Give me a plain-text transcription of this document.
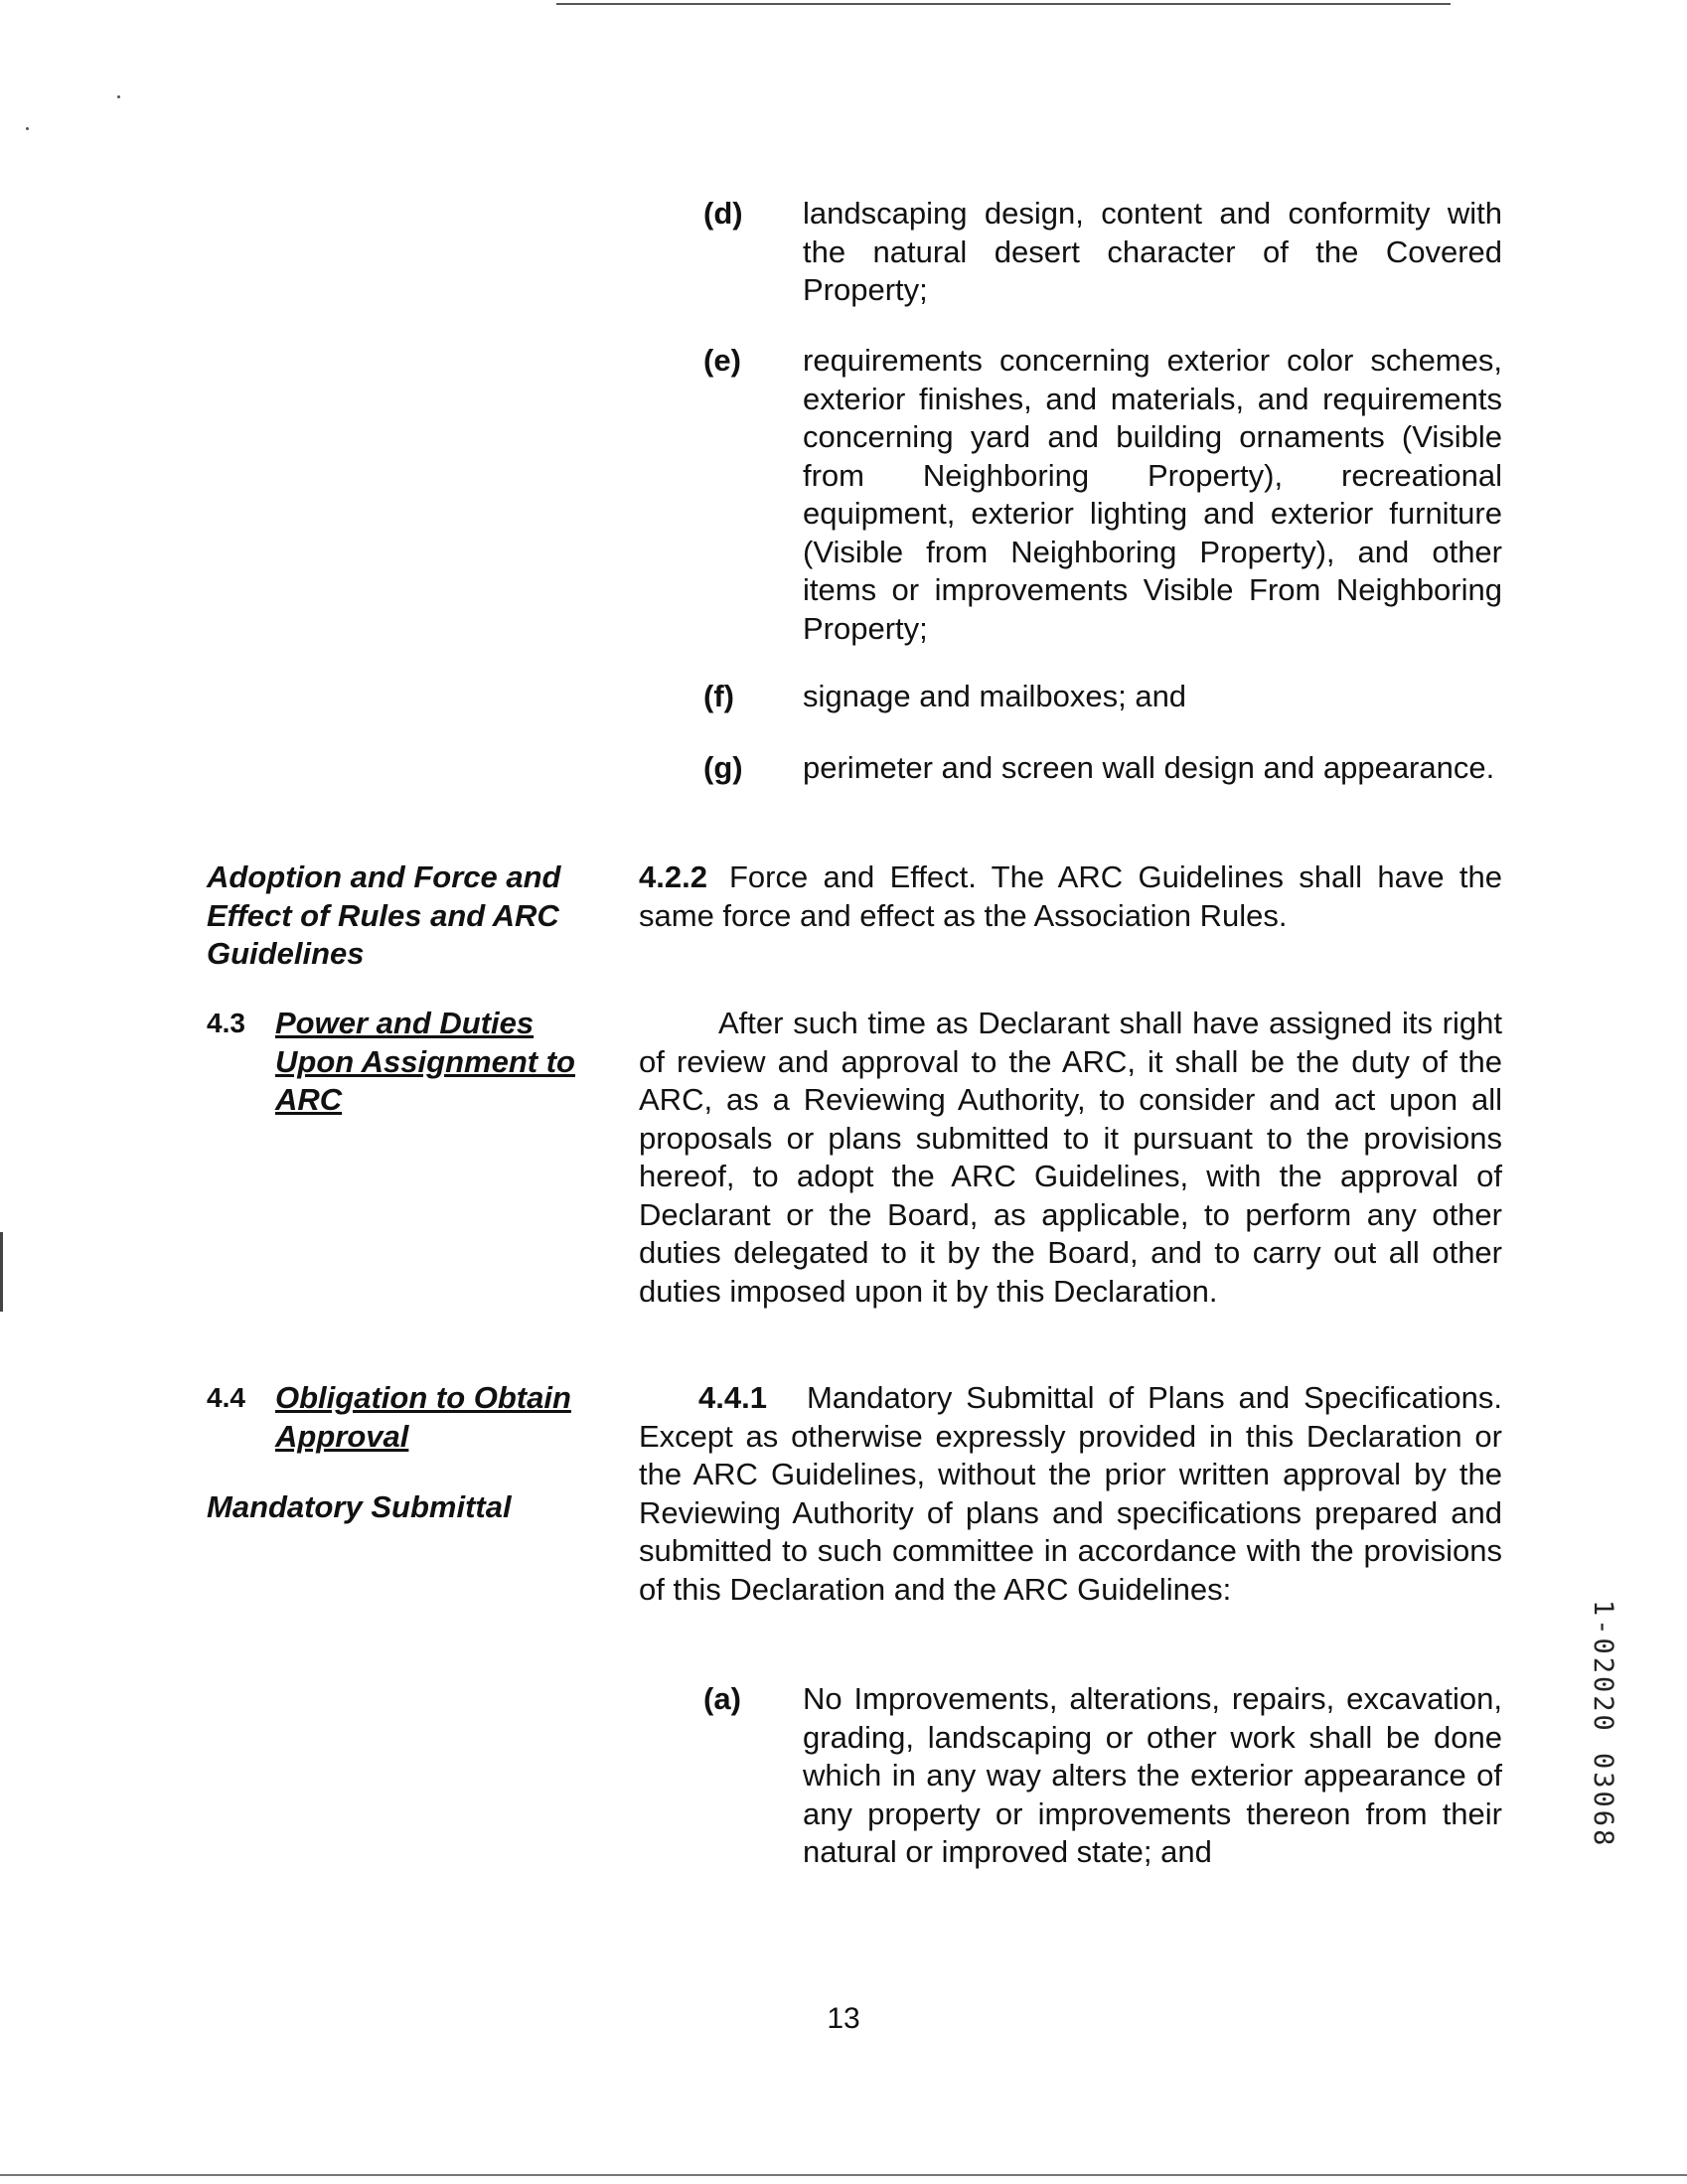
(d) landscaping design, content and conformity with the natural desert character of the Covered Property;
(e) requirements concerning exterior color schemes, exterior finishes, and materials, and requirements concerning yard and building ornaments (Visible from Neighboring Property), recreational equipment, exterior lighting and exterior furniture (Visible from Neighboring Property), and other items or improvements Visible From Neighboring Property;
(f) signage and mailboxes; and
(g) perimeter and screen wall design and appearance.
Adoption and Force and Effect of Rules and ARC Guidelines
4.2.2 Force and Effect. The ARC Guidelines shall have the same force and effect as the Association Rules.
4.3 Power and Duties Upon Assignment to ARC
After such time as Declarant shall have assigned its right of review and approval to the ARC, it shall be the duty of the ARC, as a Reviewing Authority, to consider and act upon all proposals or plans submitted to it pursuant to the provisions hereof, to adopt the ARC Guidelines, with the approval of Declarant or the Board, as applicable, to perform any other duties delegated to it by the Board, and to carry out all other duties imposed upon it by this Declaration.
4.4 Obligation to Obtain Approval
Mandatory Submittal
4.4.1 Mandatory Submittal of Plans and Specifications. Except as otherwise expressly provided in this Declaration or the ARC Guidelines, without the prior written approval by the Reviewing Authority of plans and specifications prepared and submitted to such committee in accordance with the provisions of this Declaration and the ARC Guidelines:
(a) No Improvements, alterations, repairs, excavation, grading, landscaping or other work shall be done which in any way alters the exterior appearance of any property or improvements thereon from their natural or improved state; and
1-02020 03068
13
